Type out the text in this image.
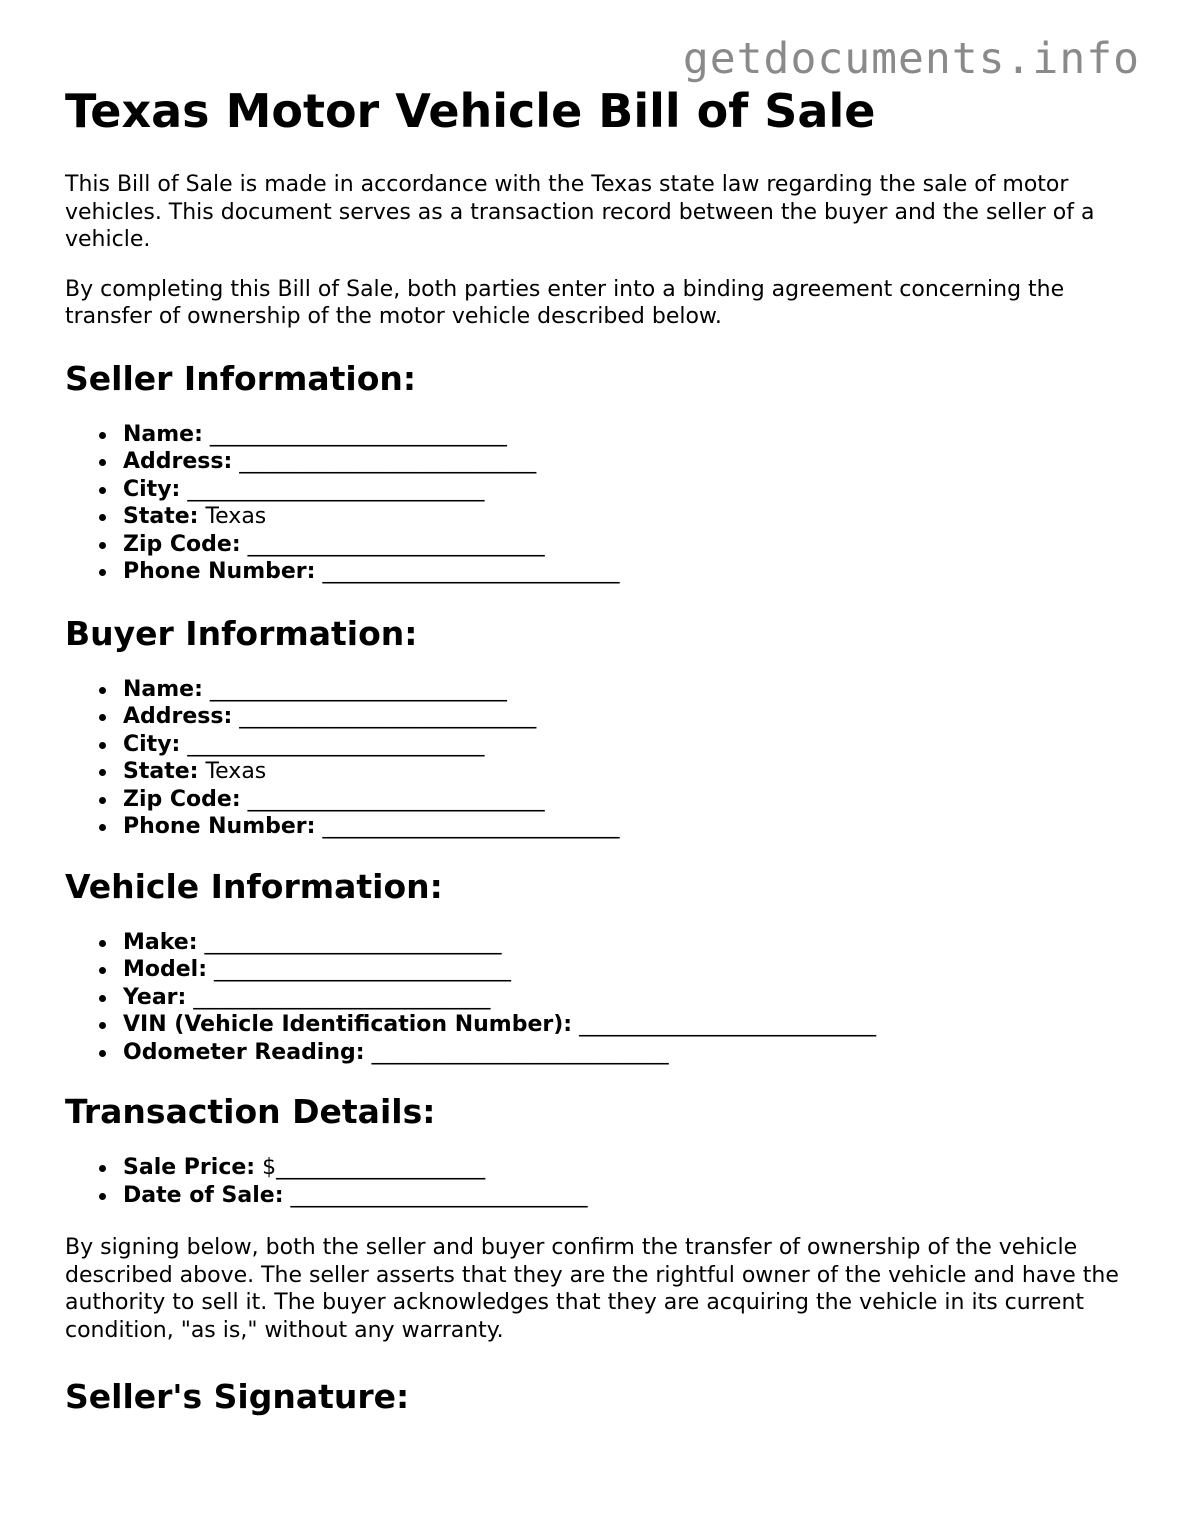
getdocuments.info
Texas Motor Vehicle Bill of Sale

This Bill of Sale is made in accordance with the Texas state law regarding the sale of motor vehicles. This document serves as a transaction record between the buyer and the seller of a vehicle.

By completing this Bill of Sale, both parties enter into a binding agreement concerning the transfer of ownership of the motor vehicle described below.

Seller Information:
Name: ___________________________
Address: ___________________________
City: ___________________________
State: Texas
Zip Code: ___________________________
Phone Number: ___________________________
Buyer Information:
Name: ___________________________
Address: ___________________________
City: ___________________________
State: Texas
Zip Code: ___________________________
Phone Number: ___________________________
Vehicle Information:
Make: ___________________________
Model: ___________________________
Year: ___________________________
VIN (Vehicle Identification Number): ___________________________
Odometer Reading: ___________________________
Transaction Details:
Sale Price: $___________________
Date of Sale: ___________________________

By signing below, both the seller and buyer confirm the transfer of ownership of the vehicle described above. The seller asserts that they are the rightful owner of the vehicle and have the authority to sell it. The buyer acknowledges that they are acquiring the vehicle in its current condition, "as is," without any warranty.

Seller's Signature:
